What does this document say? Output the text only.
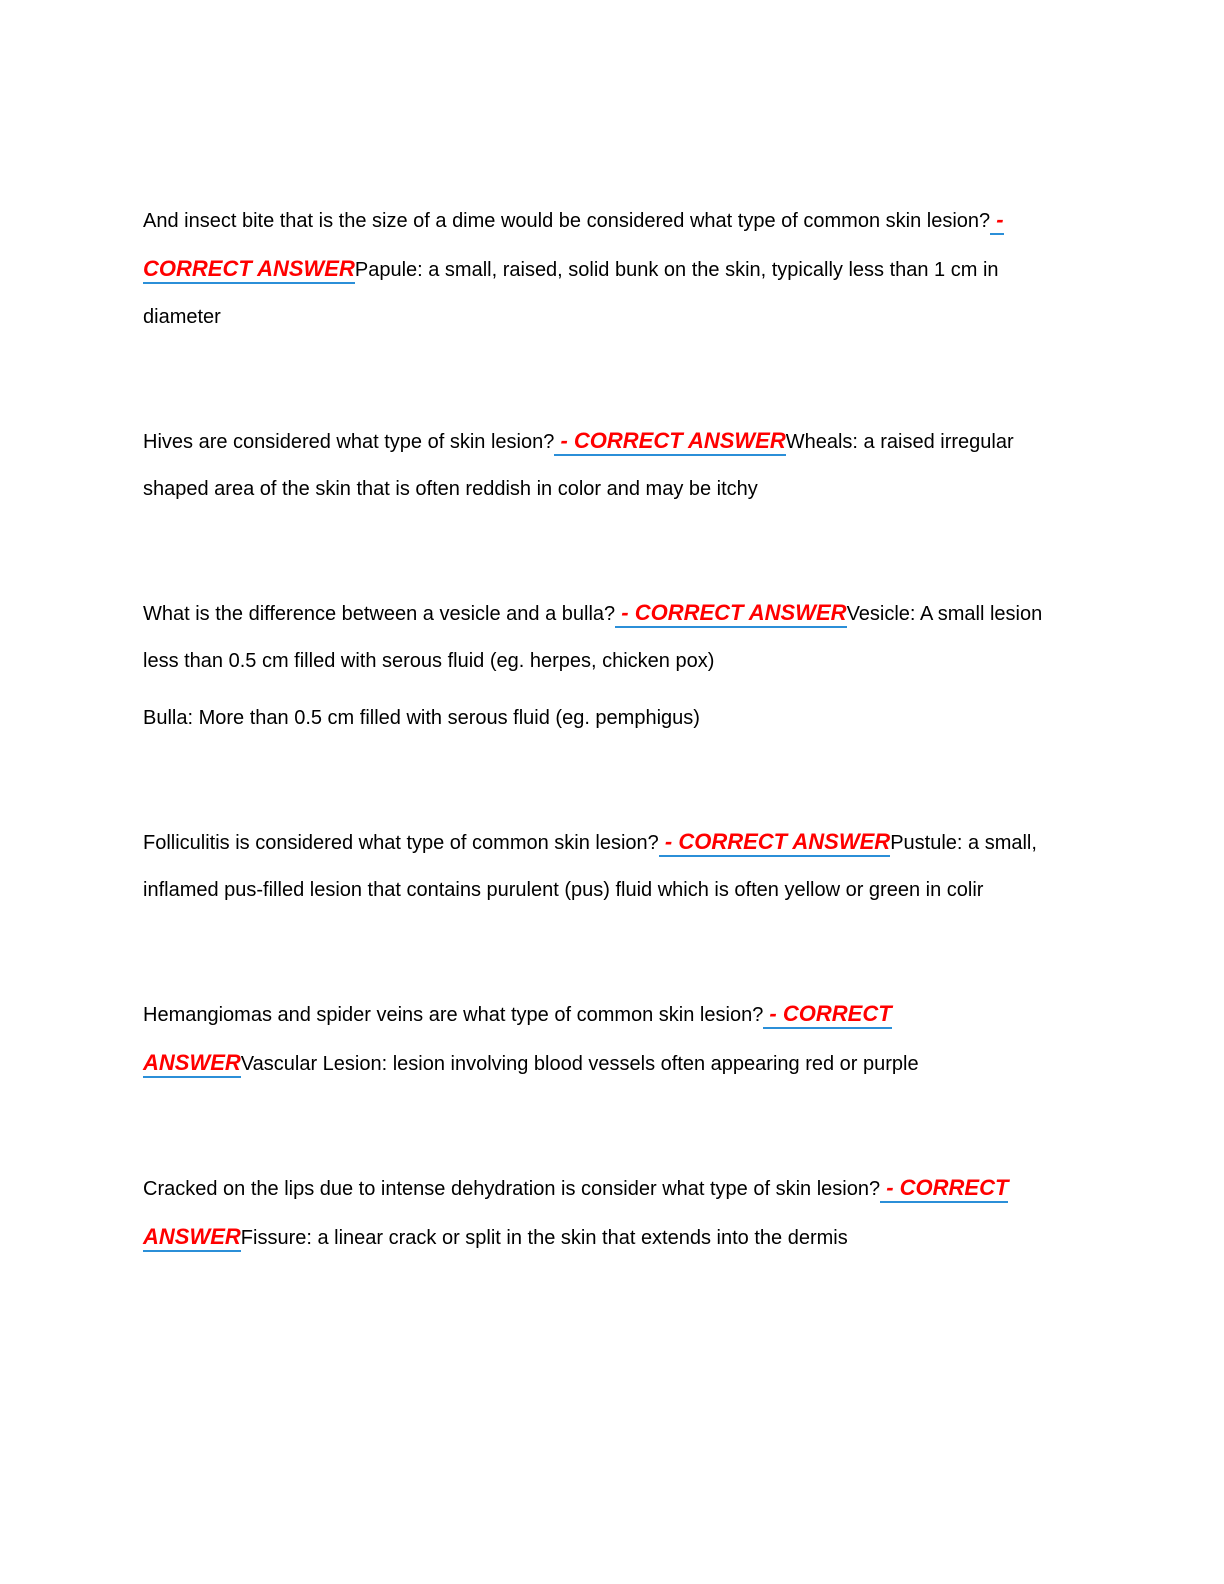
And insect bite that is the size of a dime would be considered what type of common skin lesion? - CORRECT ANSWERPapule: a small, raised, solid bunk on the skin, typically less than 1 cm in diameter

Hives are considered what type of skin lesion? - CORRECT ANSWERWheals: a raised irregular shaped area of the skin that is often reddish in color and may be itchy

What is the difference between a vesicle and a bulla? - CORRECT ANSWERVesicle: A small lesion less than 0.5 cm filled with serous fluid (eg. herpes, chicken pox)

Bulla: More than 0.5 cm filled with serous fluid (eg. pemphigus)

Folliculitis is considered what type of common skin lesion? - CORRECT ANSWERPustule: a small, inflamed pus-filled lesion that contains purulent (pus) fluid which is often yellow or green in colir

Hemangiomas and spider veins are what type of common skin lesion? - CORRECT ANSWERVascular Lesion: lesion involving blood vessels often appearing red or purple

Cracked on the lips due to intense dehydration is consider what type of skin lesion? - CORRECT ANSWERFissure: a linear crack or split in the skin that extends into the dermis
